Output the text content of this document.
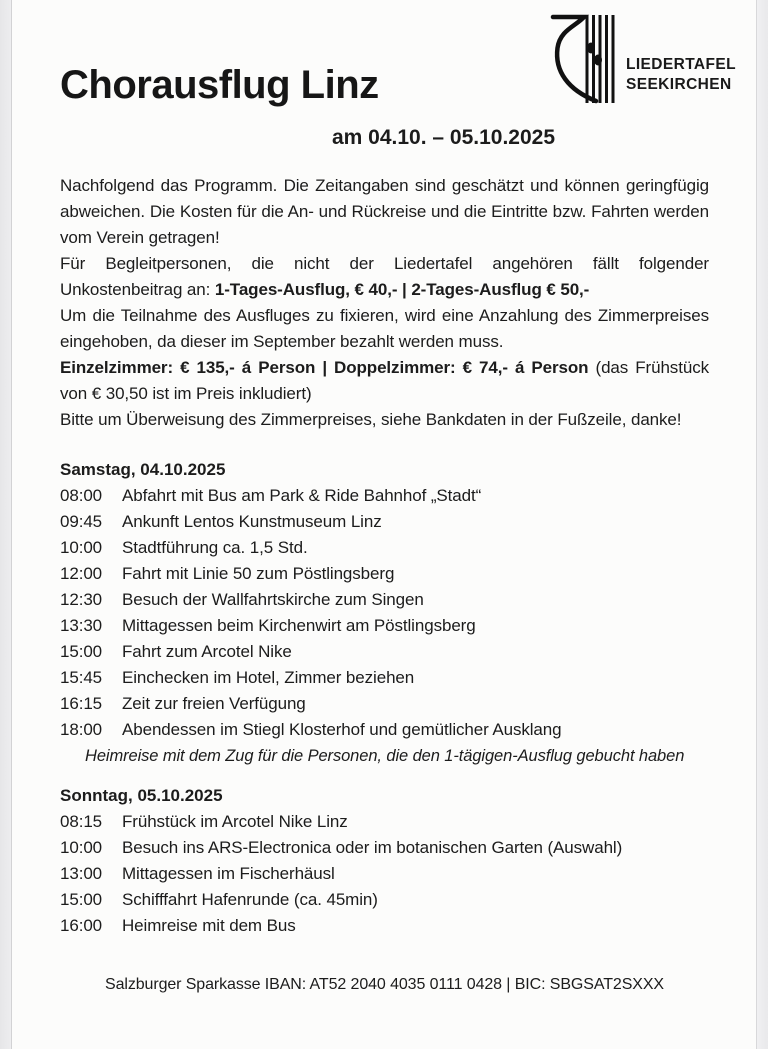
LIEDERTAFEL
SEEKIRCHEN
Chorausflug Linz
am 04.10. – 05.10.2025

Nachfolgend das Programm. Die Zeitangaben sind geschätzt und können geringfügig abweichen. Die Kosten für die An- und Rückreise und die Eintritte bzw. Fahrten werden vom Verein getragen!

Für Begleitpersonen, die nicht der Liedertafel angehören fällt folgender Unkostenbeitrag an: 1-Tages-Ausflug, € 40,- | 2-Tages-Ausflug € 50,-

Um die Teilnahme des Ausfluges zu fixieren, wird eine Anzahlung des Zimmerpreises eingehoben, da dieser im September bezahlt werden muss.

Einzelzimmer: € 135,- á Person | Doppelzimmer: € 74,- á Person (das Frühstück von € 30,50 ist im Preis inkludiert)

Bitte um Überweisung des Zimmerpreises, siehe Bankdaten in der Fußzeile, danke!

Samstag, 04.10.2025
08:00	Abfahrt mit Bus am Park & Ride Bahnhof „Stadt“
09:45	Ankunft Lentos Kunstmuseum Linz
10:00	Stadtführung ca. 1,5 Std.
12:00	Fahrt mit Linie 50 zum Pöstlingsberg
12:30	Besuch der Wallfahrtskirche zum Singen
13:30	Mittagessen beim Kirchenwirt am Pöstlingsberg
15:00	Fahrt zum Arcotel Nike
15:45	Einchecken im Hotel, Zimmer beziehen
16:15	Zeit zur freien Verfügung
18:00	Abendessen im Stiegl Klosterhof und gemütlicher Ausklang
Heimreise mit dem Zug für die Personen, die den 1-tägigen-Ausflug gebucht haben
Sonntag, 05.10.2025
08:15	Frühstück im Arcotel Nike Linz
10:00	Besuch ins ARS-Electronica oder im botanischen Garten (Auswahl)
13:00	Mittagessen im Fischerhäusl
15:00	Schifffahrt Hafenrunde (ca. 45min)
16:00	Heimreise mit dem Bus
Salzburger Sparkasse IBAN: AT52 2040 4035 0111 0428 | BIC: SBGSAT2SXXX
